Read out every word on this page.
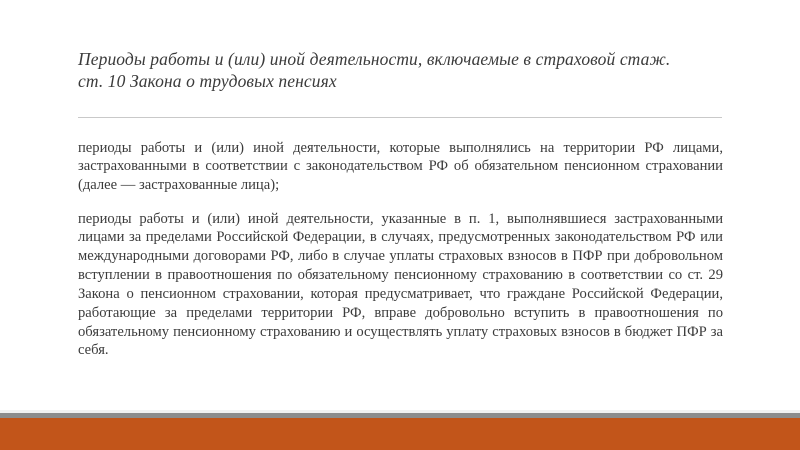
Периоды работы и (или) иной деятельности, включаемые в страховой стаж.
ст. 10 Закона о трудовых пенсиях

периоды работы и (или) иной деятельности, которые выполнялись на территории РФ лицами, застрахованными в соответствии с законодательством РФ об обязательном пенсионном страховании (далее — застрахованные лица);

периоды работы и (или) иной деятельности, указанные в п. 1, выполнявшиеся застрахованными лицами за пределами Российской Федерации, в случаях, предусмотренных законодательством РФ или международными договорами РФ, либо в случае уплаты страховых взносов в ПФР при добровольном вступлении в правоотношения по обязательному пенсионному страхованию в соответствии со ст. 29 Закона о пенсионном страховании, которая предусматривает, что граждане Российской Федерации, работающие за пределами территории РФ, вправе добровольно вступить в правоотношения по обязательному пенсионному страхованию и осуществлять уплату страховых взносов в бюджет ПФР за себя.
